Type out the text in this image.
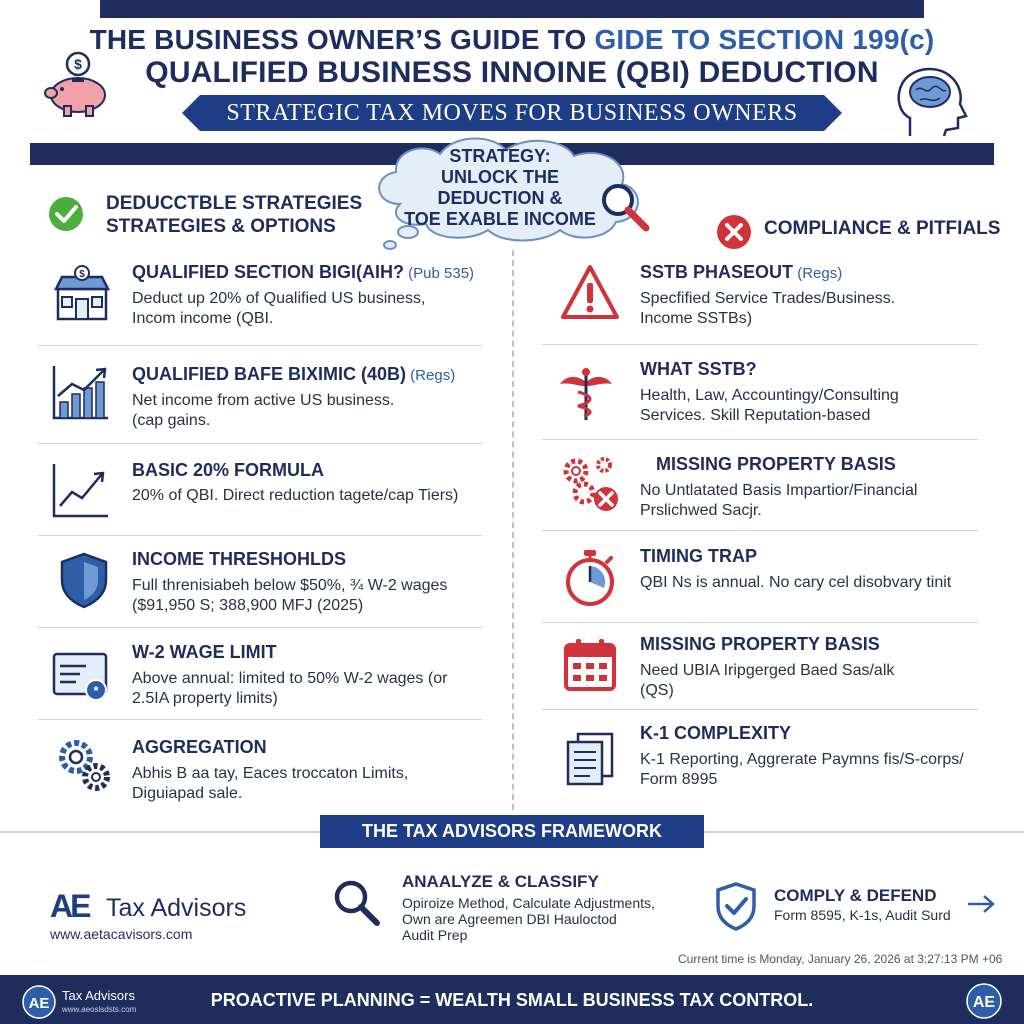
THE BUSINESS OWNER’S GUIDE TO GIDE TO SECTION 199(c)
QUALIFIED BUSINESS INNOINE (QBI) DEDUCTION
$
STRATEGIC TAX MOVES FOR BUSINESS OWNERS
STRATEGY:
UNLOCK THE DEDUCTION &
TOE EXABLE INCOME
DEDUCCTBLE STRATEGIES
STRATEGIES & OPTIONS	COMPLIANCE & PITFIALS
$	QUALIFIED SECTION BIGI(AIH? (Pub 535)
Deduct up 20% of Qualified US business,
Incom income (QBI.
QUALIFIED BAFE BIXIMIC (40B) (Regs)
Net income from active US business.
(cap gains.
BASIC 20% FORMULA
20% of QBI. Direct reduction tagete/cap Tiers)
INCOME THRESHOHLDS
Full threnisiabeh below $50%, ¾ W-2 wages
($91,950 S; 388,900 MFJ (2025)
*
W-2 WAGE LIMIT
Above annual: limited to 50% W-2 wages (or
2.5IA property limits)
AGGREGATION
Abhis B aa tay, Eaces troccaton Limits,
Diguiapad sale.
SSTB PHASEOUT (Regs)
Specfified Service Trades/Business.
Income SSTBs)
WHAT SSTB?
Health, Law, Accountingу/Consulting
Services. Skill Reputation-based
MISSING PROPERTY BASIS
No Untlatated Basis Impartior/Financial
Prslichwed Sacjr.
TIMING TRAP
QBI Ns is annual. No cary cel disobvary tinit
MISSING PROPERTY BASIS
Need UBIA Iripgerged Baed Sas/alk
(QS)
K-1 COMPLEXITY
K-1 Reporting, Aggrerate Paymns fis/S-corps/
Form 8995
THE TAX ADVISORS FRAMEWORK
AE Tax Advisors
www.aetacavisors.com
ANAALYZE & CLASSIFY
Opiroize Method, Calculate Adjustments,
Own are Agreemen DBI Hauloctod
Audit Prep
COMPLY & DEFEND
Form 8595, K-1s, Audit Surd
Current time is Monday, January 26, 2026 at 3:27:13 PM +06
AE Tax Advisors
www.aeoslsdsts.com	PROACTIVE PLANNING = WEALTH SMALL BUSINESS TAX CONTROL.	AE
